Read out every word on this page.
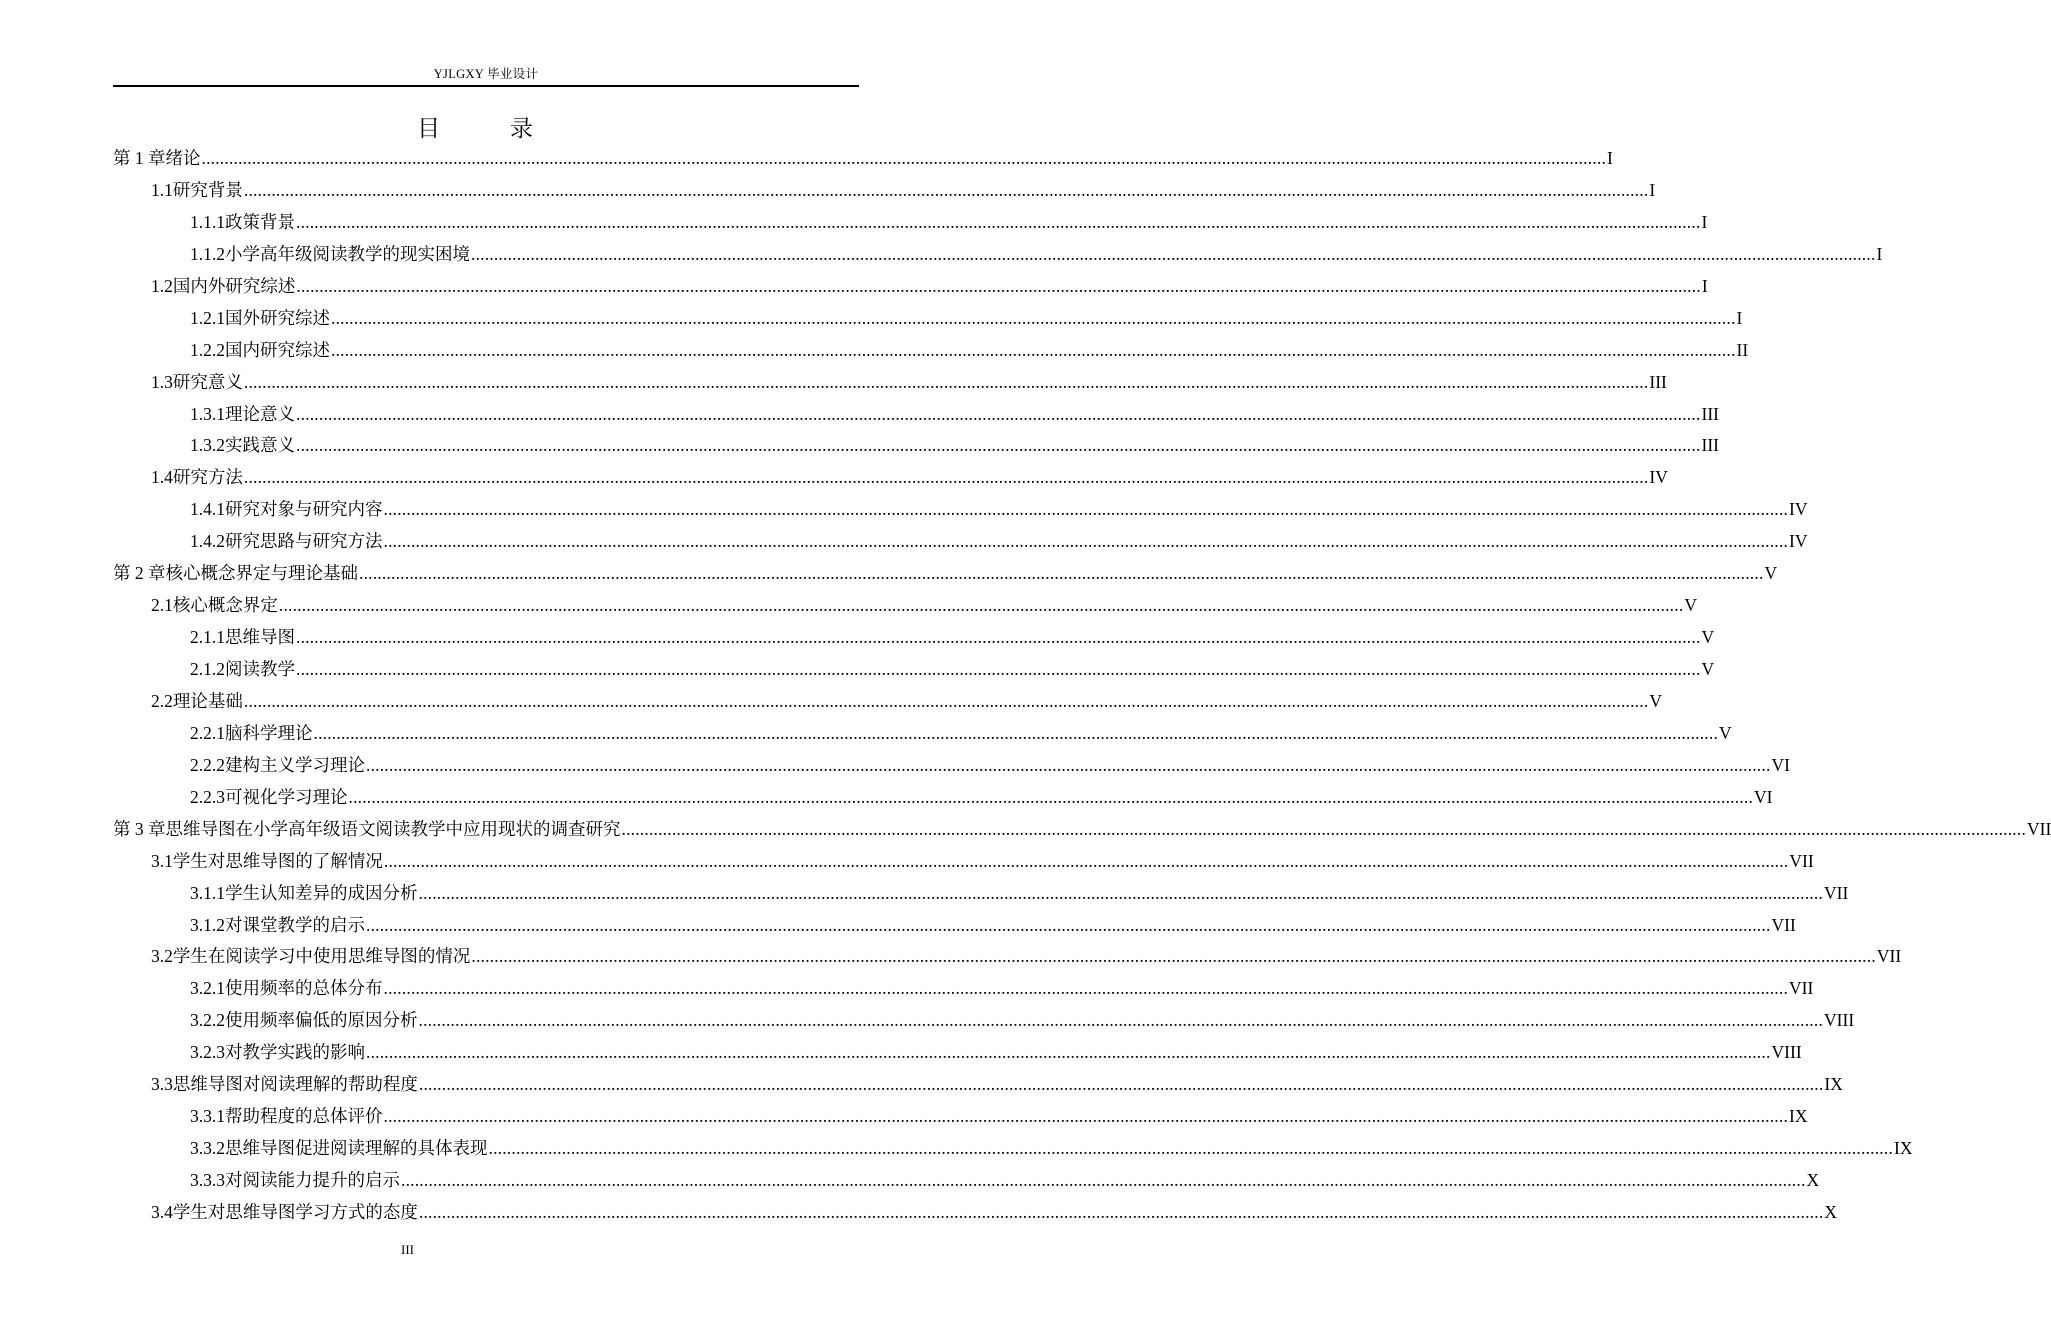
YJLGXY 毕业设计
目 录
第 1 章 绪论 .....	I
1.1 研究背景 .....	I
1.1.1 政策背景 .....	I
1.1.2 小学高年级阅读教学的现实困境 .....	I
1.2 国内外研究综述 .....	I
1.2.1 国外研究综述 .....	I
1.2.2 国内研究综述 .....	II
1.3 研究意义 .....	III
1.3.1 理论意义 .....	III
1.3.2 实践意义 .....	III
1.4 研究方法 .....	IV
1.4.1 研究对象与研究内容 .....	IV
1.4.2 研究思路与研究方法 .....	IV
第 2 章 核心概念界定与理论基础 .....	V
2.1 核心概念界定 .....	V
2.1.1 思维导图 .....	V
2.1.2 阅读教学 .....	V
2.2 理论基础 .....	V
2.2.1 脑科学理论 .....	V
2.2.2 建构主义学习理论 .....	VI
2.2.3 可视化学习理论 .....	VI
第 3 章 思维导图在小学高年级语文阅读教学中应用现状的调查研究 .....	VII
3.1 学生对思维导图的了解情况 .....	VII
3.1.1 学生认知差异的成因分析 .....	VII
3.1.2 对课堂教学的启示 .....	VII
3.2 学生在阅读学习中使用思维导图的情况 .....	VII
3.2.1 使用频率的总体分布 .....	VII
3.2.2 使用频率偏低的原因分析 .....	VIII
3.2.3 对教学实践的影响 .....	VIII
3.3 思维导图对阅读理解的帮助程度 .....	IX
3.3.1 帮助程度的总体评价 .....	IX
3.3.2 思维导图促进阅读理解的具体表现 .....	IX
3.3.3 对阅读能力提升的启示 .....	X
3.4 学生对思维导图学习方式的态度 .....	X
III
